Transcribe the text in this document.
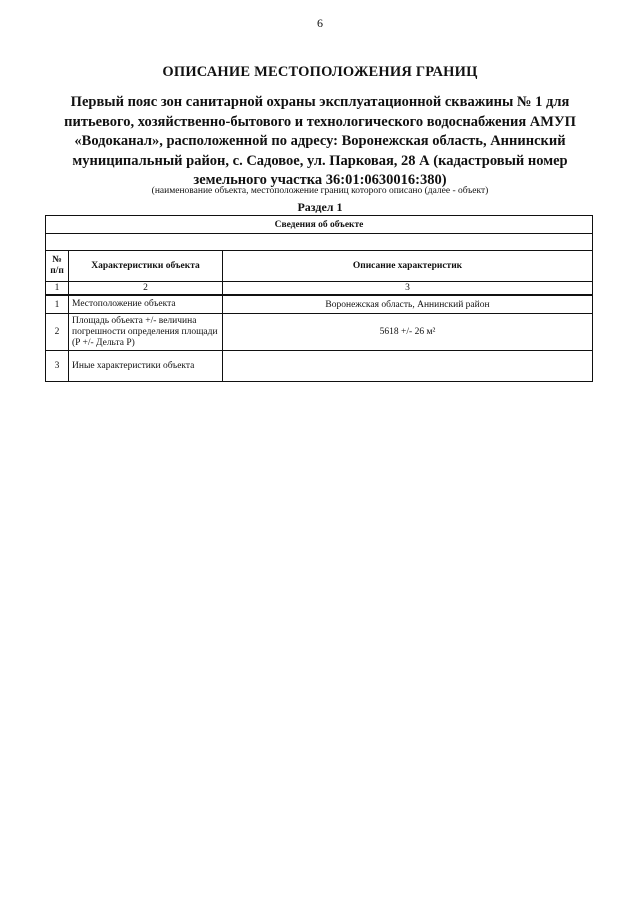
6
ОПИСАНИЕ МЕСТОПОЛОЖЕНИЯ ГРАНИЦ
Первый пояс зон санитарной охраны эксплуатационной скважины № 1 для
питьевого, хозяйственно-бытового и технологического водоснабжения АМУП
«Водоканал», расположенной по адресу: Воронежская область, Аннинский
муниципальный район, с. Садовое, ул. Парковая, 28 А (кадастровый номер
земельного участка 36:01:0630016:380)
(наименование объекта, местоположение границ которого описано (далее - объект)
Раздел 1
Сведения об объекте		

№
п/п	Характеристики объекта	Описание характеристик
1	2	3
1	Местоположение объекта	Воронежская область, Аннинский район
2	Площадь объекта +/- величина погрешности определения площади (P +/- Дельта P)	5618 +/- 26 м²
3	Иные характеристики объекта	
